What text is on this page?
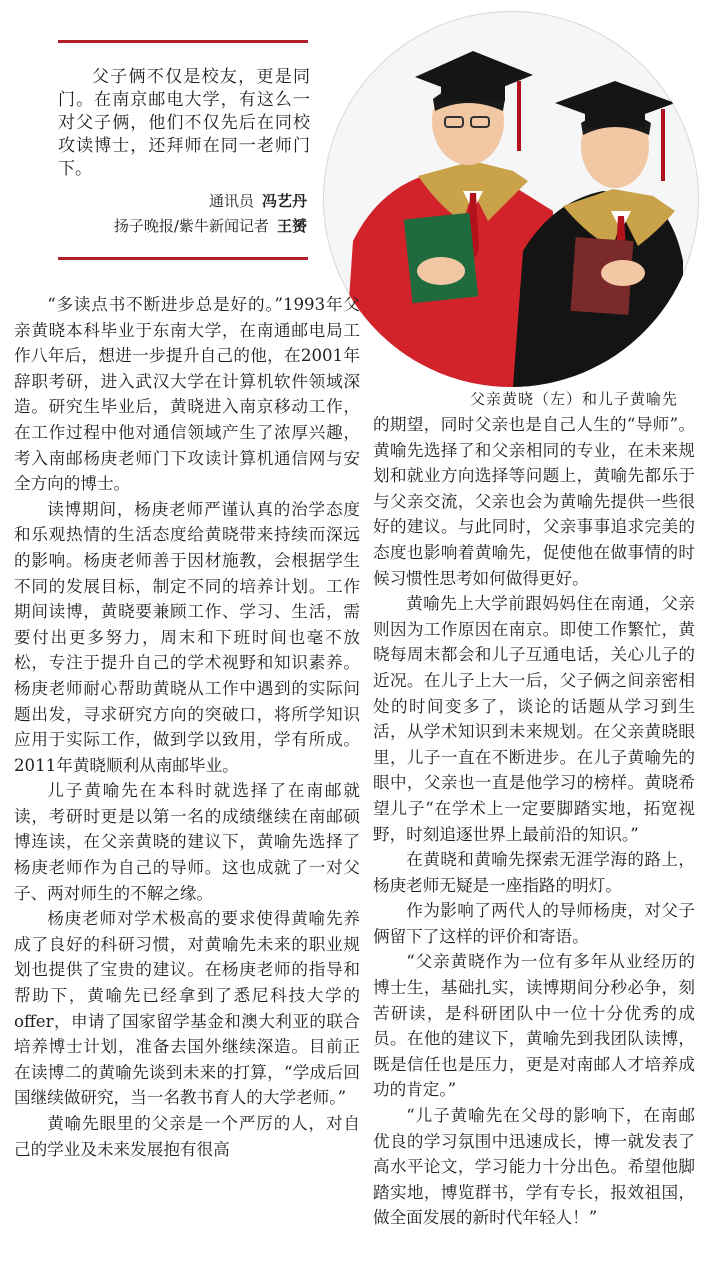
父子俩不仅是校友，更是同门。在南京邮电大学，有这么一对父子俩，他们不仅先后在同校攻读博士，还拜师在同一老师门下。

通讯员 冯艺丹
扬子晚报/紫牛新闻记者 王赟
父亲黄晓（左）和儿子黄喻先

“多读点书不断进步总是好的。”1993年父亲黄晓本科毕业于东南大学，在南通邮电局工作八年后，想进一步提升自己的他，在2001年辞职考研，进入武汉大学在计算机软件领域深造。研究生毕业后，黄晓进入南京移动工作，在工作过程中他对通信领域产生了浓厚兴趣，考入南邮杨庚老师门下攻读计算机通信网与安全方向的博士。

读博期间，杨庚老师严谨认真的治学态度和乐观热情的生活态度给黄晓带来持续而深远的影响。杨庚老师善于因材施教，会根据学生不同的发展目标，制定不同的培养计划。工作期间读博，黄晓要兼顾工作、学习、生活，需要付出更多努力，周末和下班时间也毫不放松，专注于提升自己的学术视野和知识素养。杨庚老师耐心帮助黄晓从工作中遇到的实际问题出发，寻求研究方向的突破口，将所学知识应用于实际工作，做到学以致用，学有所成。2011年黄晓顺利从南邮毕业。

儿子黄喻先在本科时就选择了在南邮就读，考研时更是以第一名的成绩继续在南邮硕博连读，在父亲黄晓的建议下，黄喻先选择了杨庚老师作为自己的导师。这也成就了一对父子、两对师生的不解之缘。

杨庚老师对学术极高的要求使得黄喻先养成了良好的科研习惯，对黄喻先未来的职业规划也提供了宝贵的建议。在杨庚老师的指导和帮助下，黄喻先已经拿到了悉尼科技大学的offer，申请了国家留学基金和澳大利亚的联合培养博士计划，准备去国外继续深造。目前正在读博二的黄喻先谈到未来的打算，“学成后回国继续做研究，当一名教书育人的大学老师。”

黄喻先眼里的父亲是一个严厉的人，对自己的学业及未来发展抱有很高

的期望，同时父亲也是自己人生的“导师”。黄喻先选择了和父亲相同的专业，在未来规划和就业方向选择等问题上，黄喻先都乐于与父亲交流，父亲也会为黄喻先提供一些很好的建议。与此同时，父亲事事追求完美的态度也影响着黄喻先，促使他在做事情的时候习惯性思考如何做得更好。

黄喻先上大学前跟妈妈住在南通，父亲则因为工作原因在南京。即使工作繁忙，黄晓每周末都会和儿子互通电话，关心儿子的近况。在儿子上大一后，父子俩之间亲密相处的时间变多了，谈论的话题从学习到生活，从学术知识到未来规划。在父亲黄晓眼里，儿子一直在不断进步。在儿子黄喻先的眼中，父亲也一直是他学习的榜样。黄晓希望儿子“在学术上一定要脚踏实地，拓宽视野，时刻追逐世界上最前沿的知识。”

在黄晓和黄喻先探索无涯学海的路上，杨庚老师无疑是一座指路的明灯。

作为影响了两代人的导师杨庚，对父子俩留下了这样的评价和寄语。

“父亲黄晓作为一位有多年从业经历的博士生，基础扎实，读博期间分秒必争，刻苦研读，是科研团队中一位十分优秀的成员。在他的建议下，黄喻先到我团队读博，既是信任也是压力，更是对南邮人才培养成功的肯定。”

“儿子黄喻先在父母的影响下，在南邮优良的学习氛围中迅速成长，博一就发表了高水平论文，学习能力十分出色。希望他脚踏实地，博览群书，学有专长，报效祖国，做全面发展的新时代年轻人！”
